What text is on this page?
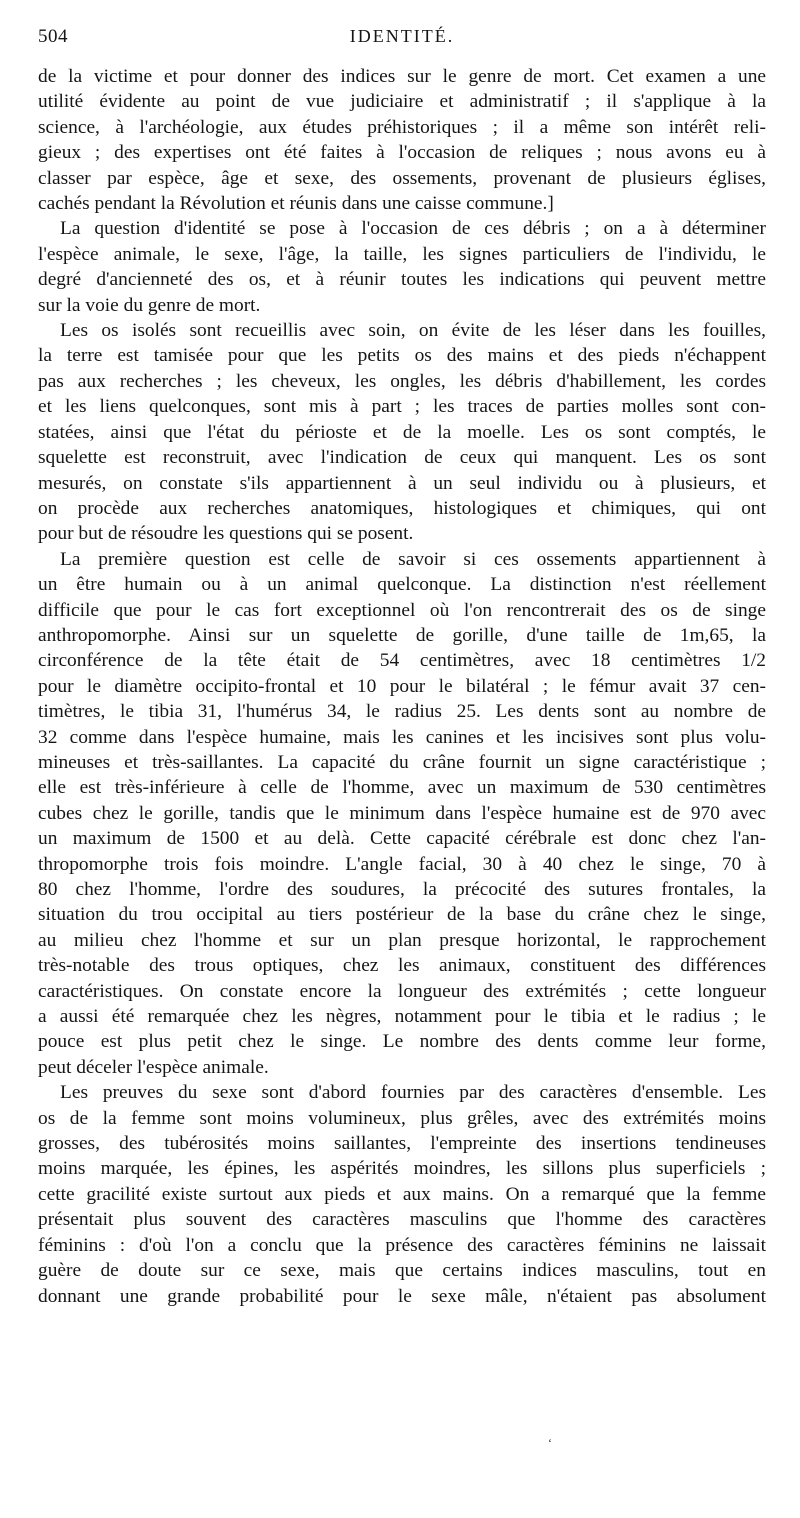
504	IDENTITÉ.

de la victime et pour donner des indices sur le genre de mort. Cet examen a une
utilité évidente au point de vue judiciaire et administratif ; il s'applique à la
science, à l'archéologie, aux études préhistoriques ; il a même son intérêt reli-
gieux ; des expertises ont été faites à l'occasion de reliques ; nous avons eu à
classer par espèce, âge et sexe, des ossements, provenant de plusieurs églises,
cachés pendant la Révolution et réunis dans une caisse commune.]

La question d'identité se pose à l'occasion de ces débris ; on a à déterminer
l'espèce animale, le sexe, l'âge, la taille, les signes particuliers de l'individu, le
degré d'ancienneté des os, et à réunir toutes les indications qui peuvent mettre
sur la voie du genre de mort.

Les os isolés sont recueillis avec soin, on évite de les léser dans les fouilles,
la terre est tamisée pour que les petits os des mains et des pieds n'échappent
pas aux recherches ; les cheveux, les ongles, les débris d'habillement, les cordes
et les liens quelconques, sont mis à part ; les traces de parties molles sont con-
statées, ainsi que l'état du périoste et de la moelle. Les os sont comptés, le
squelette est reconstruit, avec l'indication de ceux qui manquent. Les os sont
mesurés, on constate s'ils appartiennent à un seul individu ou à plusieurs, et
on procède aux recherches anatomiques, histologiques et chimiques, qui ont
pour but de résoudre les questions qui se posent.

La première question est celle de savoir si ces ossements appartiennent à
un être humain ou à un animal quelconque. La distinction n'est réellement
difficile que pour le cas fort exceptionnel où l'on rencontrerait des os de singe
anthropomorphe. Ainsi sur un squelette de gorille, d'une taille de 1m,65, la
circonférence de la tête était de 54 centimètres, avec 18 centimètres 1/2
pour le diamètre occipito-frontal et 10 pour le bilatéral ; le fémur avait 37 cen-
timètres, le tibia 31, l'humérus 34, le radius 25. Les dents sont au nombre de
32 comme dans l'espèce humaine, mais les canines et les incisives sont plus volu-
mineuses et très-saillantes. La capacité du crâne fournit un signe caractéristique ;
elle est très-inférieure à celle de l'homme, avec un maximum de 530 centimètres
cubes chez le gorille, tandis que le minimum dans l'espèce humaine est de 970 avec
un maximum de 1500 et au delà. Cette capacité cérébrale est donc chez l'an-
thropomorphe trois fois moindre. L'angle facial, 30 à 40 chez le singe, 70 à
80 chez l'homme, l'ordre des soudures, la précocité des sutures frontales, la
situation du trou occipital au tiers postérieur de la base du crâne chez le singe,
au milieu chez l'homme et sur un plan presque horizontal, le rapprochement
très-notable des trous optiques, chez les animaux, constituent des différences
caractéristiques. On constate encore la longueur des extrémités ; cette longueur
a aussi été remarquée chez les nègres, notamment pour le tibia et le radius ; le
pouce est plus petit chez le singe. Le nombre des dents comme leur forme,
peut déceler l'espèce animale.

Les preuves du sexe sont d'abord fournies par des caractères d'ensemble. Les
os de la femme sont moins volumineux, plus grêles, avec des extrémités moins
grosses, des tubérosités moins saillantes, l'empreinte des insertions tendineuses
moins marquée, les épines, les aspérités moindres, les sillons plus superficiels ;
cette gracilité existe surtout aux pieds et aux mains. On a remarqué que la femme
présentait plus souvent des caractères masculins que l'homme des caractères
féminins : d'où l'on a conclu que la présence des caractères féminins ne laissait
guère de doute sur ce sexe, mais que certains indices masculins, tout en
donnant une grande probabilité pour le sexe mâle, n'étaient pas absolument

ʻ
